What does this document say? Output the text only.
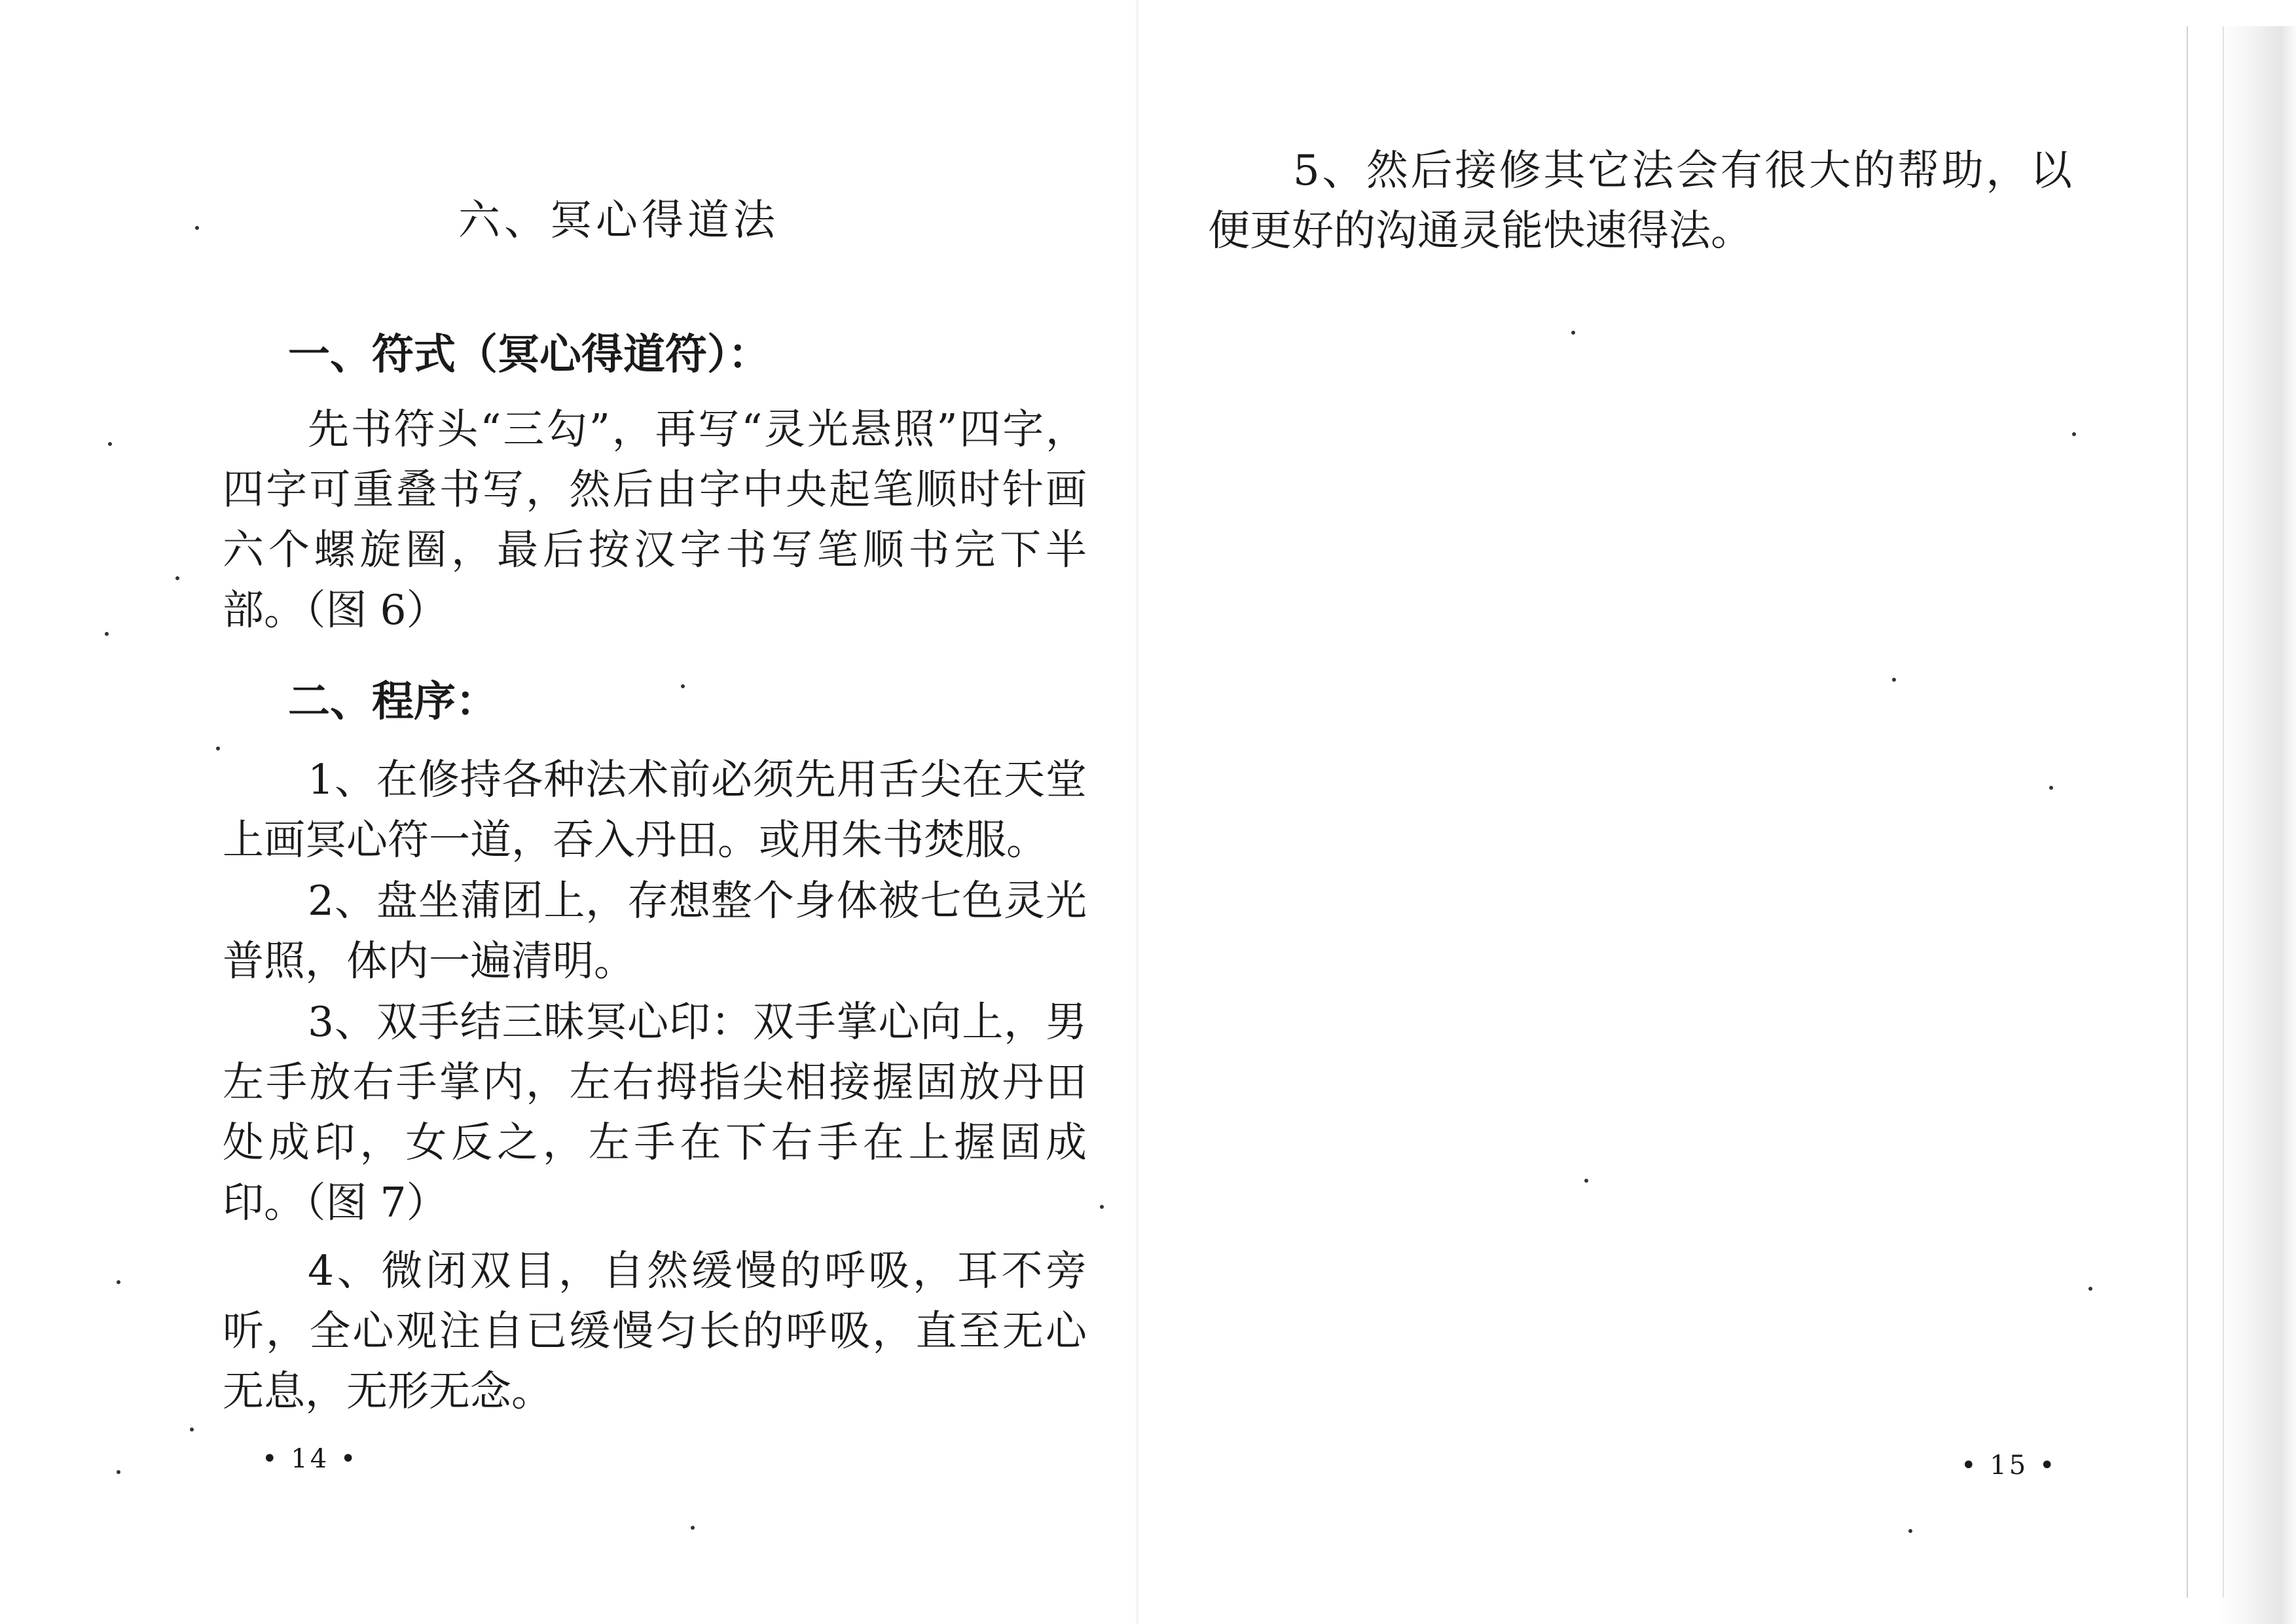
六、冥心得道法
一、符式（冥心得道符）：

先书符头“三勾”，再写“灵光悬照”四字，四字可重叠书写，然后由字中央起笔顺时针画六个螺旋圈，最后按汉字书写笔顺书完下半部。（图 6）

二、程序：

1、在修持各种法术前必须先用舌尖在天堂上画冥心符一道，吞入丹田。或用朱书焚服。

2、盘坐蒲团上，存想整个身体被七色灵光普照，体内一遍清明。

3、双手结三昧冥心印：双手掌心向上，男左手放右手掌内，左右拇指尖相接握固放丹田处成印，女反之，左手在下右手在上握固成印。（图 7）

4、微闭双目，自然缓慢的呼吸，耳不旁听，全心观注自已缓慢匀长的呼吸，直至无心无息，无形无念。

• 14 •

5、然后接修其它法会有很大的帮助，以便更好的沟通灵能快速得法。

• 15 •
